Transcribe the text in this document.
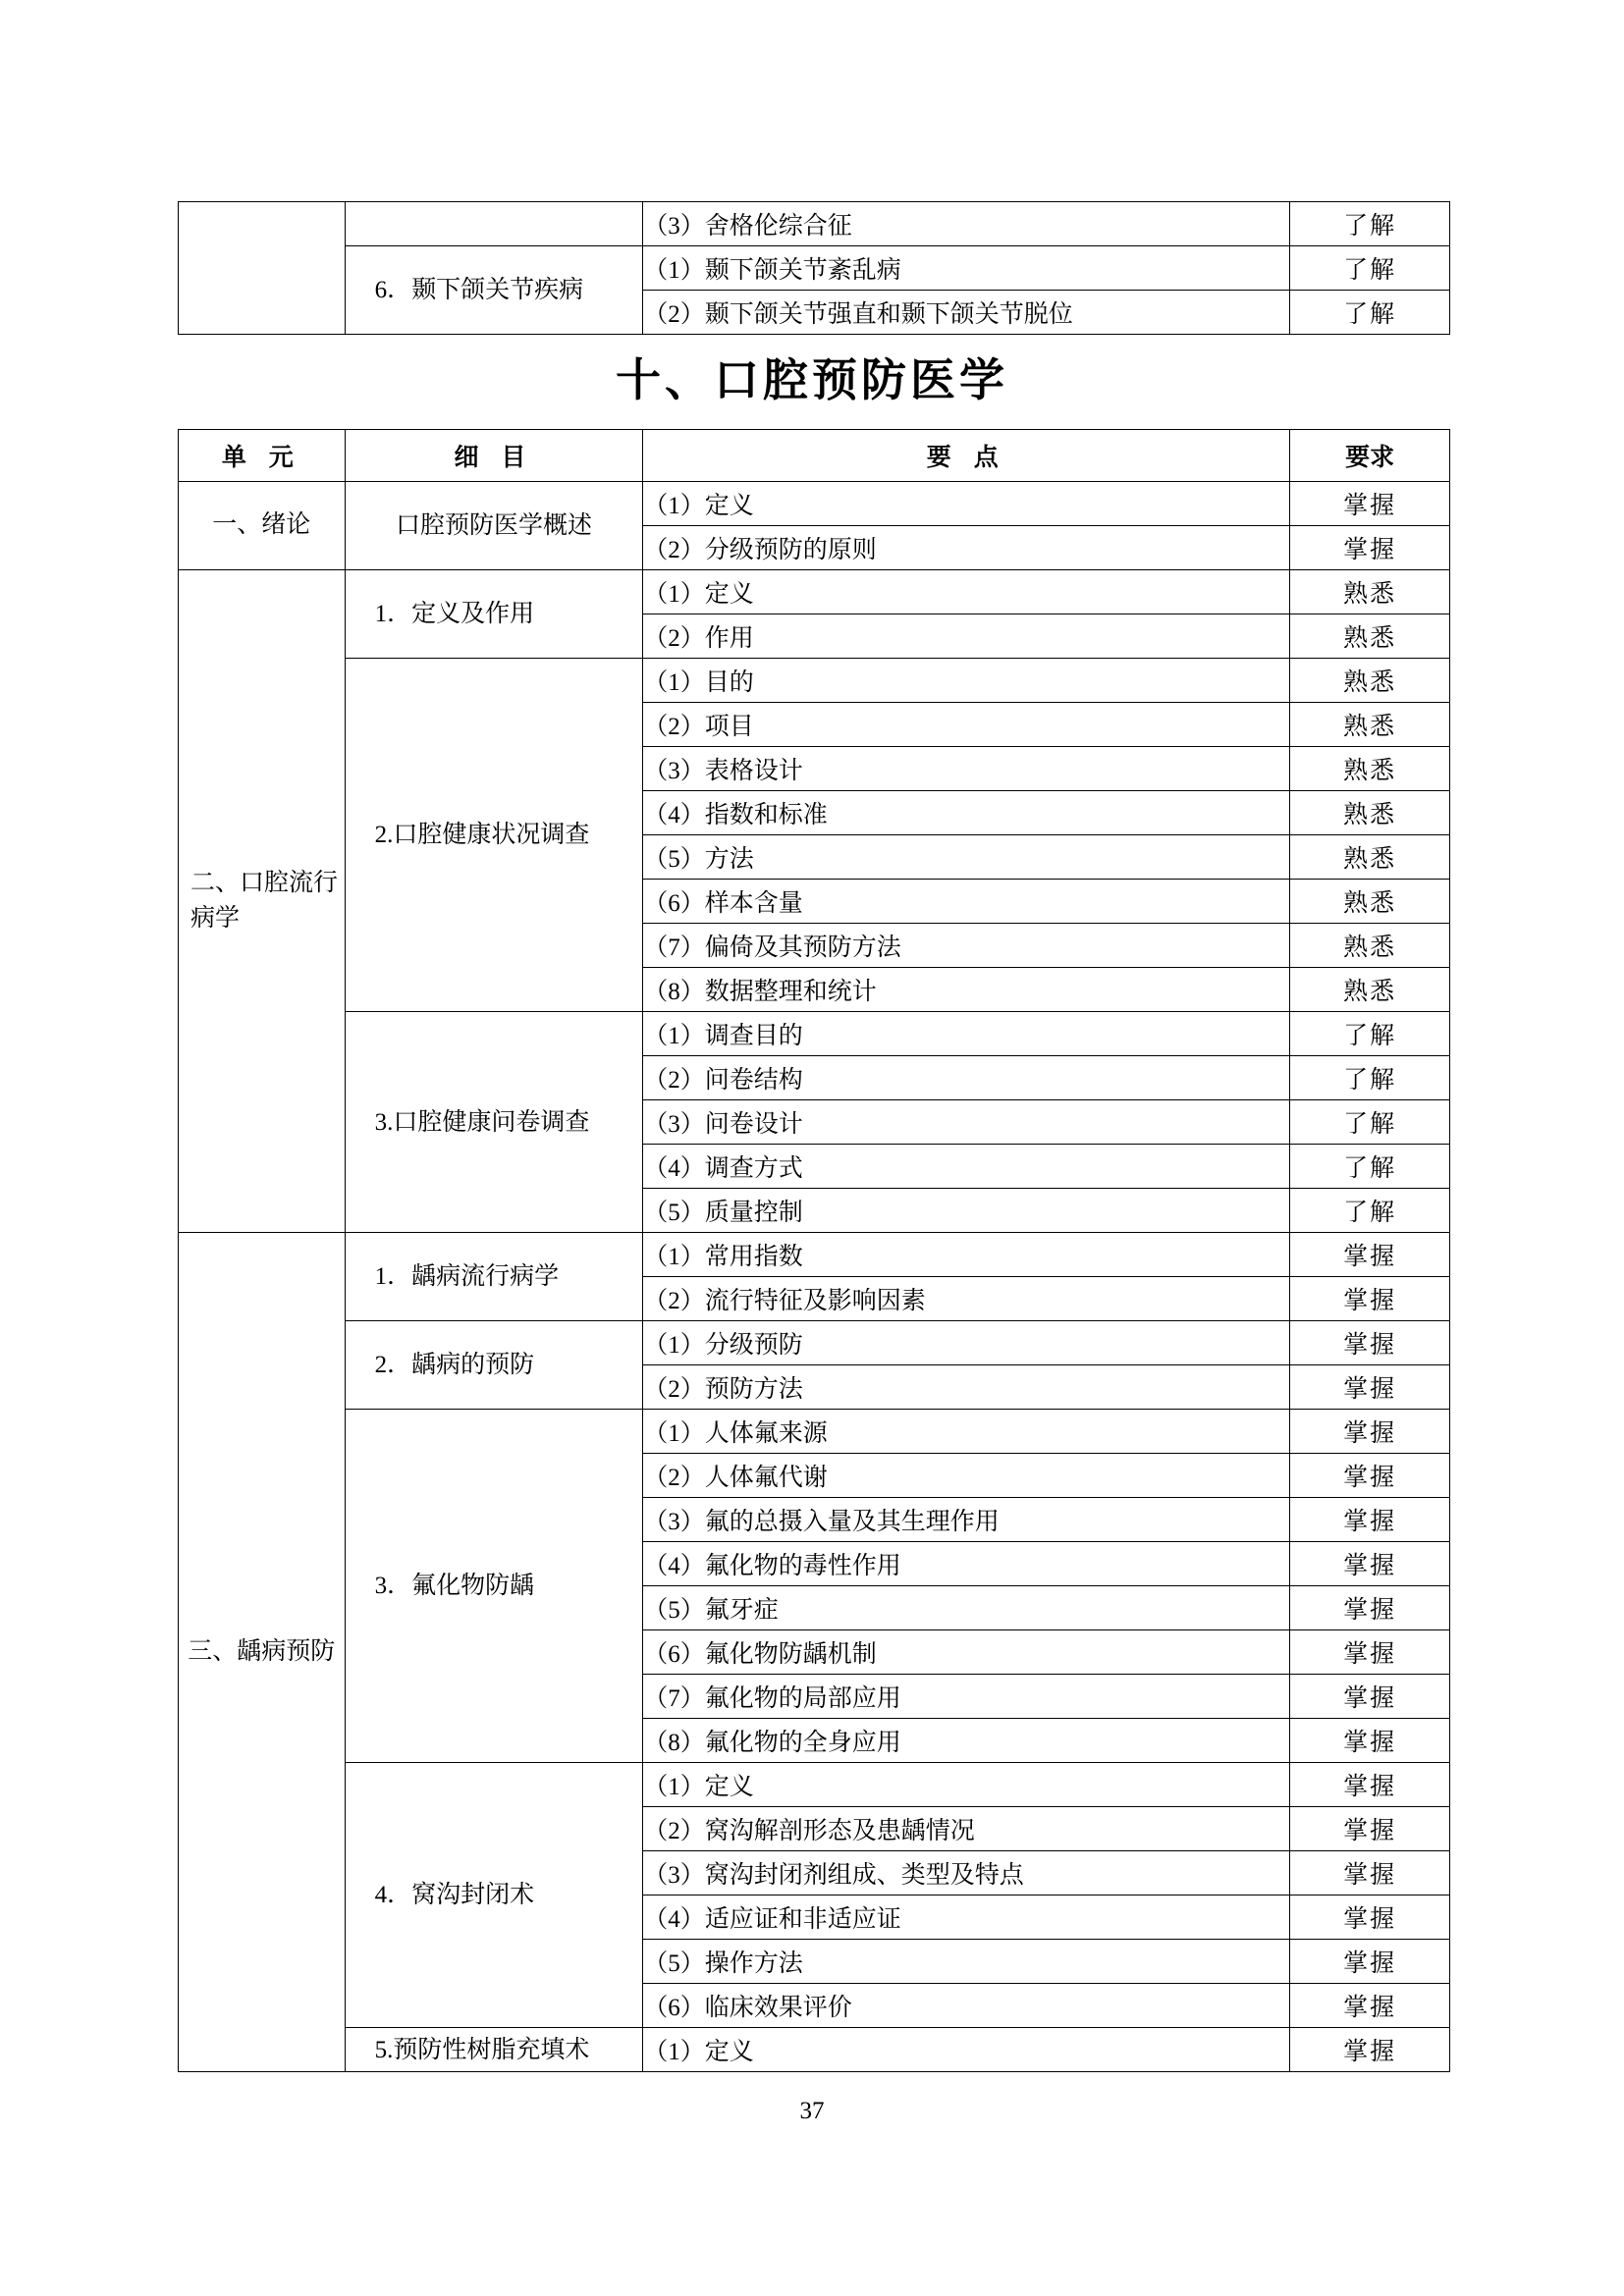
		（3）舍格伦综合征	了解
	6．颞下颌关节疾病	（1）颞下颌关节紊乱病	了解
		（2）颞下颌关节强直和颞下颌关节脱位	了解
十、口腔预防医学
单 元	细 目	要 点	要求
一、绪论	口腔预防医学概述	（1）定义	掌握
		（2）分级预防的原则	掌握
二、口腔流行病学	1．定义及作用	（1）定义	熟悉
		（2）作用	熟悉
	2.口腔健康状况调查	（1）目的	熟悉
		（2）项目	熟悉
		（3）表格设计	熟悉
		（4）指数和标准	熟悉
		（5）方法	熟悉
		（6）样本含量	熟悉
		（7）偏倚及其预防方法	熟悉
		（8）数据整理和统计	熟悉
	3.口腔健康问卷调查	（1）调查目的	了解
		（2）问卷结构	了解
		（3）问卷设计	了解
		（4）调查方式	了解
		（5）质量控制	了解
三、龋病预防	1．龋病流行病学	（1）常用指数	掌握
		（2）流行特征及影响因素	掌握
	2．龋病的预防	（1）分级预防	掌握
		（2）预防方法	掌握
	3．氟化物防龋	（1）人体氟来源	掌握
		（2）人体氟代谢	掌握
		（3）氟的总摄入量及其生理作用	掌握
		（4）氟化物的毒性作用	掌握
		（5）氟牙症	掌握
		（6）氟化物防龋机制	掌握
		（7）氟化物的局部应用	掌握
		（8）氟化物的全身应用	掌握
	4．窝沟封闭术	（1）定义	掌握
		（2）窝沟解剖形态及患龋情况	掌握
		（3）窝沟封闭剂组成、类型及特点	掌握
		（4）适应证和非适应证	掌握
		（5）操作方法	掌握
		（6）临床效果评价	掌握
	5.预防性树脂充填术	（1）定义	掌握
37
